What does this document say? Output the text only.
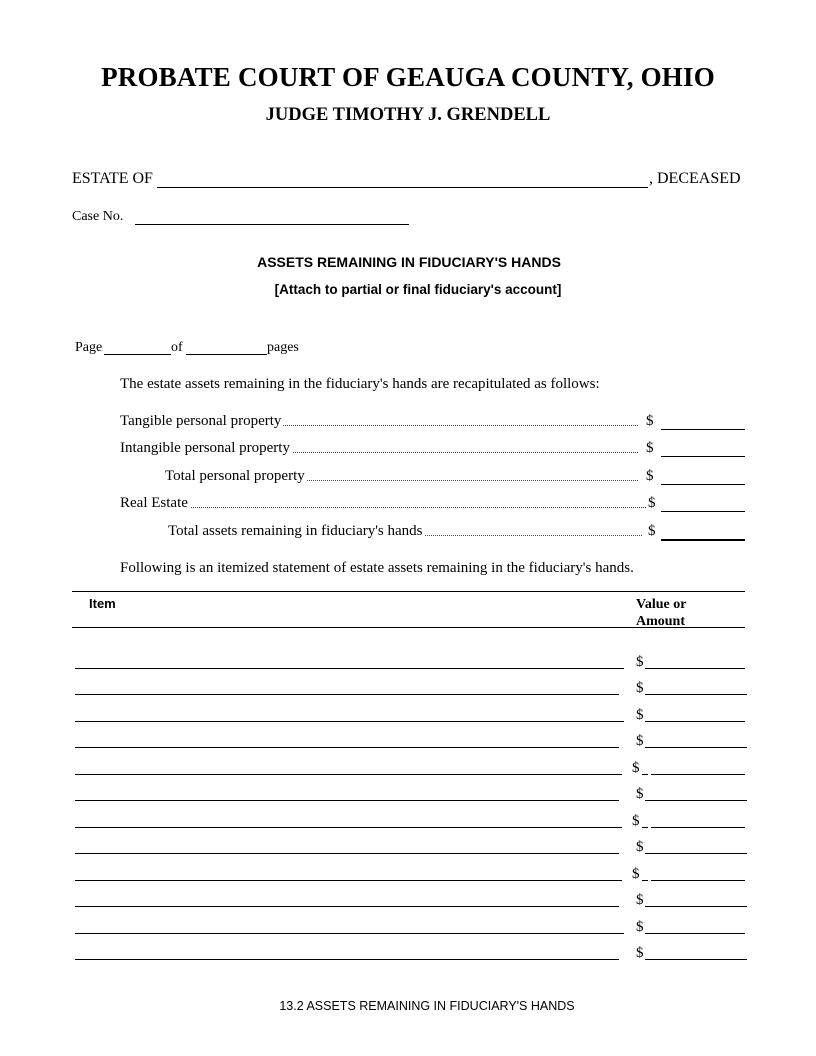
PROBATE COURT OF GEAUGA COUNTY, OHIO
JUDGE TIMOTHY J. GRENDELL
ESTATE OF	, DECEASED
Case No.
ASSETS REMAINING IN FIDUCIARY'S HANDS
[Attach to partial or final fiduciary's account]
Page	of	pages
The estate assets remaining in the fiduciary's hands are recapitulated as follows:
Tangible personal property	$
Intangible personal property	$
Total personal property	$
Real Estate	$
Total assets remaining in fiduciary's hands	$
Following is an itemized statement of estate assets remaining in the fiduciary's hands.
Item	Value or
Amount
$
$
$
$
$
$
$
$
$
$
$
$
13.2 ASSETS REMAINING IN FIDUCIARY'S HANDS
